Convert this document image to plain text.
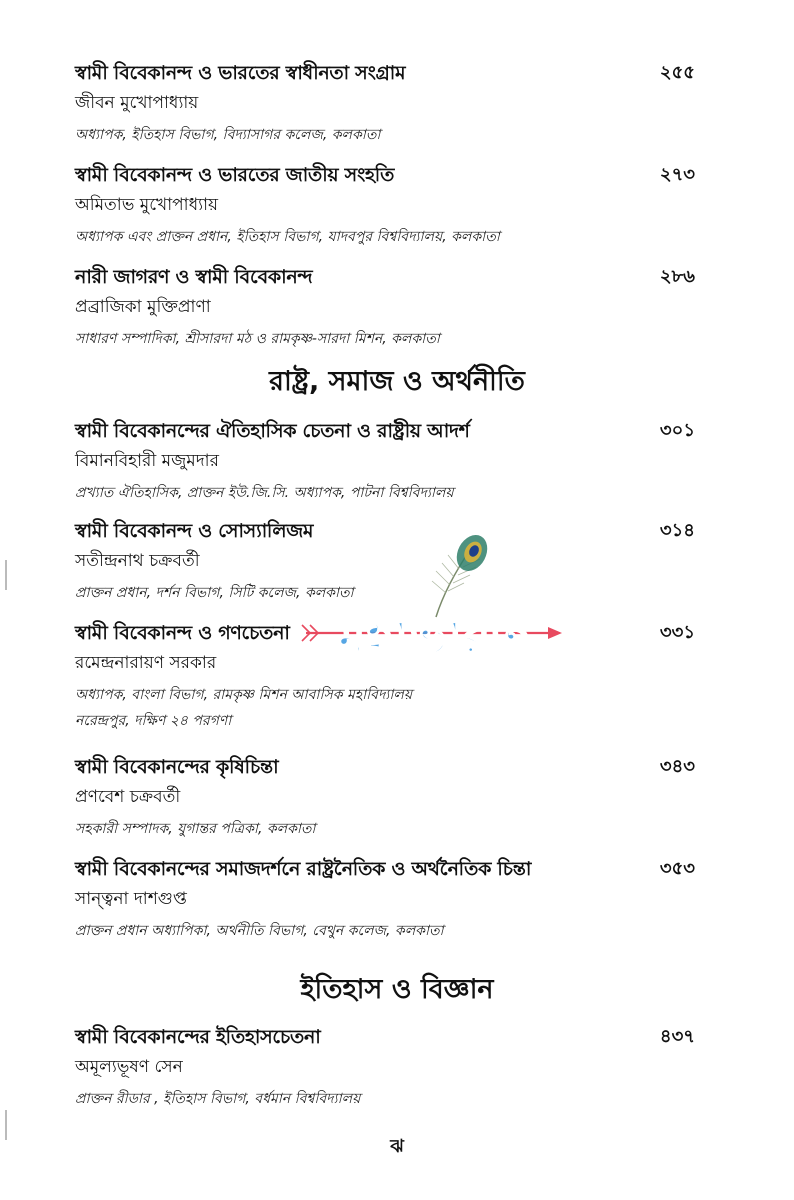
স্বামী বিবেকানন্দ ও ভারতের স্বাধীনতা সংগ্রাম	২৫৫
জীবন মুখোপাধ্যায়
অধ্যাপক, ইতিহাস বিভাগ, বিদ্যাসাগর কলেজ, কলকাতা
স্বামী বিবেকানন্দ ও ভারতের জাতীয় সংহতি	২৭৩
অমিতাভ মুখোপাধ্যায়
অধ্যাপক এবং প্রাক্তন প্রধান, ইতিহাস বিভাগ, যাদবপুর বিশ্ববিদ্যালয়, কলকাতা
নারী জাগরণ ও স্বামী বিবেকানন্দ	২৮৬
প্রব্রাজিকা মুক্তিপ্রাণা
সাধারণ সম্পাদিকা, শ্রীসারদা মঠ ও রামকৃষ্ণ-সারদা মিশন, কলকাতা
রাষ্ট্র, সমাজ ও অর্থনীতি
স্বামী বিবেকানন্দের ঐতিহাসিক চেতনা ও রাষ্ট্রীয় আদর্শ	৩০১
বিমানবিহারী মজুমদার
প্রখ্যাত ঐতিহাসিক, প্রাক্তন ইউ.জি.সি. অধ্যাপক, পাটনা বিশ্ববিদ্যালয়
স্বামী বিবেকানন্দ ও সোস্যালিজম	৩১৪
সতীন্দ্রনাথ চক্রবর্তী
প্রাক্তন প্রধান, দর্শন বিভাগ, সিটি কলেজ, কলকাতা
স্বামী বিবেকানন্দ ও গণচেতনা	৩৩১
রমেন্দ্রনারায়ণ সরকার
অধ্যাপক, বাংলা বিভাগ, রামকৃষ্ণ মিশন আবাসিক মহাবিদ্যালয়
নরেন্দ্রপুর, দক্ষিণ ২৪ পরগণা
স্বামী বিবেকানন্দের কৃষিচিন্তা	৩৪৩
প্রণবেশ চক্রবর্তী
সহকারী সম্পাদক, যুগান্তর পত্রিকা, কলকাতা
স্বামী বিবেকানন্দের সমাজদর্শনে রাষ্ট্রনৈতিক ও অর্থনৈতিক চিন্তা	৩৫৩
সান্ত্বনা দাশগুপ্ত
প্রাক্তন প্রধান অধ্যাপিকা, অর্থনীতি বিভাগ, বেথুন কলেজ, কলকাতা
ইতিহাস ও বিজ্ঞান
স্বামী বিবেকানন্দের ইতিহাসচেতনা	৪৩৭
অমূল্যভূষণ সেন
প্রাক্তন রীডার , ইতিহাস বিভাগ, বর্ধমান বিশ্ববিদ্যালয়
ঝ
মহাভারত
